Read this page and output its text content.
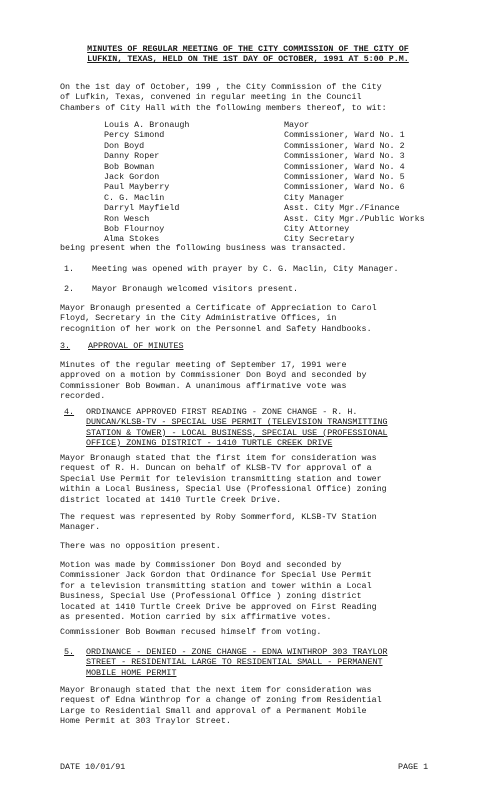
MINUTES OF REGULAR MEETING OF THE CITY COMMISSION OF THE CITY OF
LUFKIN, TEXAS, HELD ON THE 1ST DAY OF OCTOBER, 1991 AT 5:00 P.M.
On the 1st day of October, 199 , the City Commission of the City
of Lufkin, Texas, convened in regular meeting in the Council
Chambers of City Hall with the following members thereof, to wit:
Louis A. Bronaugh	Mayor
Percy Simond	Commissioner, Ward No. 1
Don Boyd	Commissioner, Ward No. 2
Danny Roper	Commissioner, Ward No. 3
Bob Bowman	Commissioner, Ward No. 4
Jack Gordon	Commissioner, Ward No. 5
Paul Mayberry	Commissioner, Ward No. 6
C. G. Maclin	City Manager
Darryl Mayfield	Asst. City Mgr./Finance
Ron Wesch	Asst. City Mgr./Public Works
Bob Flournoy	City Attorney
Alma Stokes	City Secretary
being present when the following business was transacted.
1. Meeting was opened with prayer by C. G. Maclin, City Manager.
2. Mayor Bronaugh welcomed visitors present.
Mayor Bronaugh presented a Certificate of Appreciation to Carol
Floyd, Secretary in the City Administrative Offices, in
recognition of her work on the Personnel and Safety Handbooks.
3. APPROVAL OF MINUTES
Minutes of the regular meeting of September 17, 1991 were
approved on a motion by Commissioner Don Boyd and seconded by
Commissioner Bob Bowman. A unanimous affirmative vote was
recorded.
4. ORDINANCE APPROVED FIRST READING - ZONE CHANGE - R. H.
DUNCAN/KLSB-TV - SPECIAL USE PERMIT (TELEVISION TRANSMITTING
STATION & TOWER) - LOCAL BUSINESS, SPECIAL USE (PROFESSIONAL
OFFICE) ZONING DISTRICT - 1410 TURTLE CREEK DRIVE
Mayor Bronaugh stated that the first item for consideration was
request of R. H. Duncan on behalf of KLSB-TV for approval of a
Special Use Permit for television transmitting station and tower
within a Local Business, Special Use (Professional Office) zoning
district located at 1410 Turtle Creek Drive.
The request was represented by Roby Sommerford, KLSB-TV Station
Manager.
There was no opposition present.
Motion was made by Commissioner Don Boyd and seconded by
Commissioner Jack Gordon that Ordinance for Special Use Permit
for a television transmitting station and tower within a Local
Business, Special Use (Professional Office ) zoning district
located at 1410 Turtle Creek Drive be approved on First Reading
as presented. Motion carried by six affirmative votes.
Commissioner Bob Bowman recused himself from voting.
5. ORDINANCE - DENIED - ZONE CHANGE - EDNA WINTHROP 303 TRAYLOR
STREET - RESIDENTIAL LARGE TO RESIDENTIAL SMALL - PERMANENT
MOBILE HOME PERMIT
Mayor Bronaugh stated that the next item for consideration was
request of Edna Winthrop for a change of zoning from Residential
Large to Residential Small and approval of a Permanent Mobile
Home Permit at 303 Traylor Street.
DATE 10/01/91	PAGE 1
